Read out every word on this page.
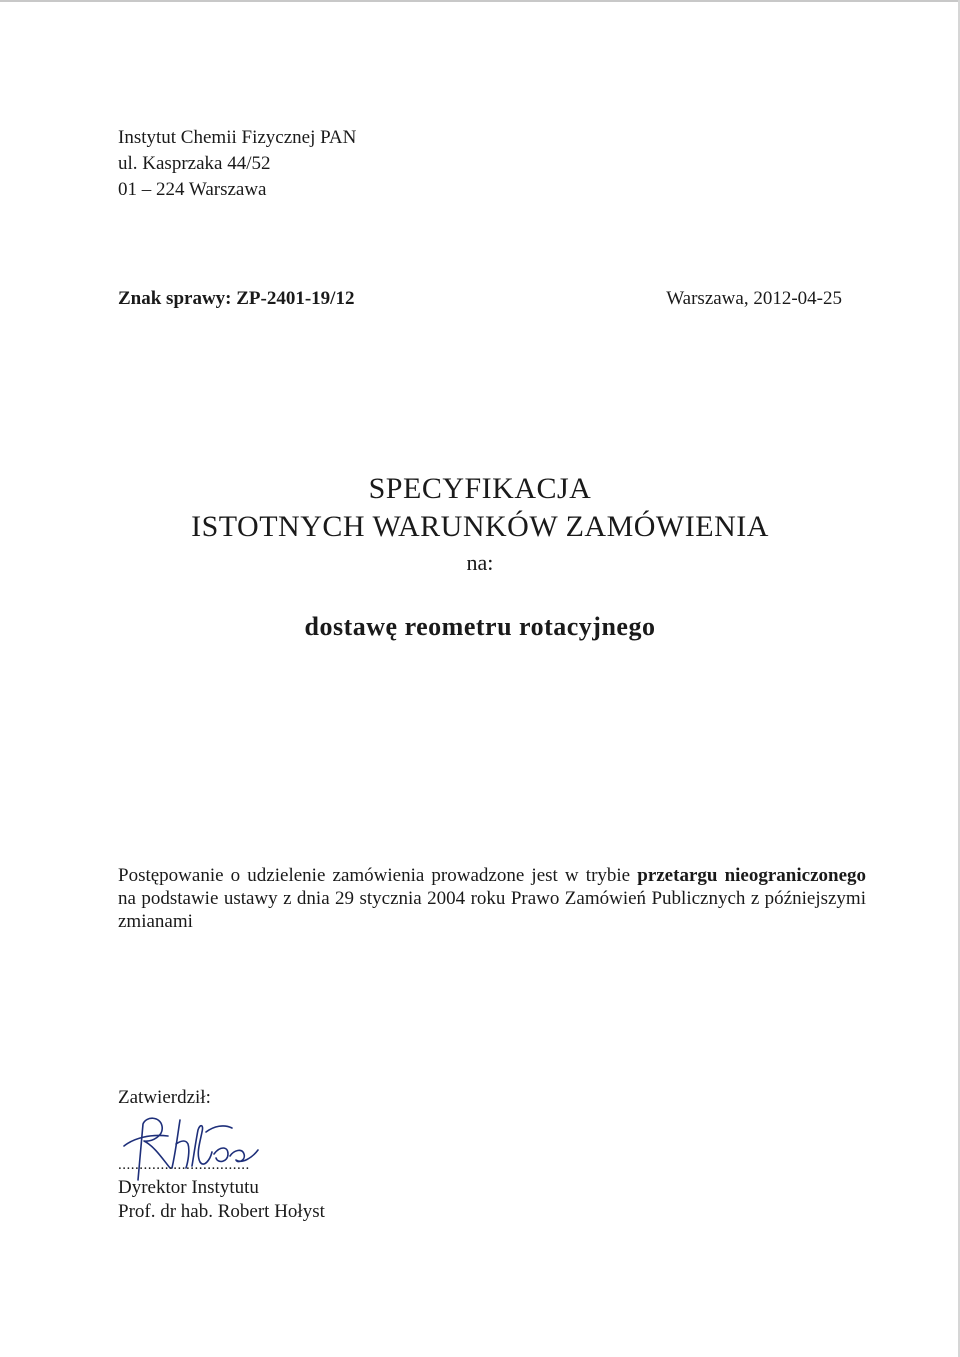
Instytut Chemii Fizycznej PAN
ul. Kasprzaka 44/52
01 – 224 Warszawa
Znak sprawy: ZP-2401-19/12	Warszawa, 2012-04-25
SPECYFIKACJA
ISTOTNYCH WARUNKÓW ZAMÓWIENIA
na:
dostawę reometru rotacyjnego
Postępowanie o udzielenie zamówienia prowadzone jest w trybie przetargu nieograniczonego na podstawie ustawy z dnia 29 stycznia 2004 roku Prawo Zamówień Publicznych z późniejszymi zmianami
Zatwierdził:
...............................
Dyrektor Instytutu
Prof. dr hab. Robert Hołyst
